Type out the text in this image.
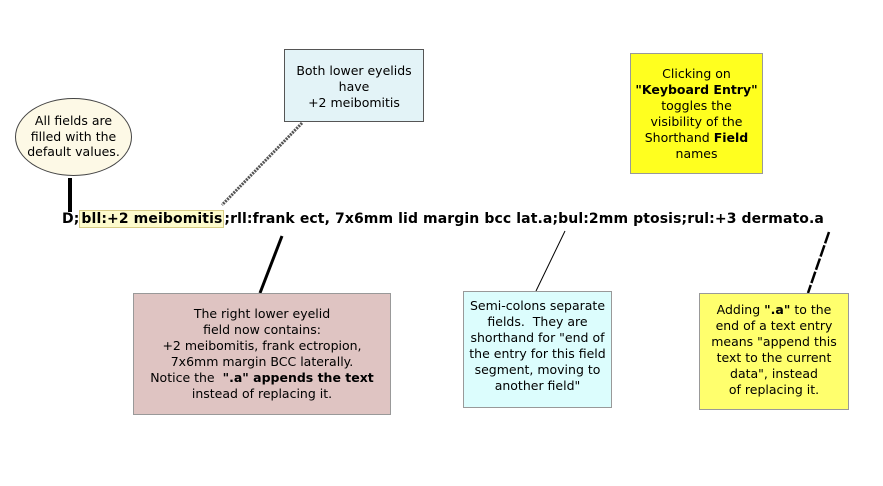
All fields are
filled with the
default values.
Both lower eyelids
have
+2 meibomitis
Clicking on
"Keyboard Entry"
toggles the
visibility of the
Shorthand Field
names
D; bll:+2 meibomitis ;rll:frank ect, 7x6mm lid margin bcc lat.a;bul:2mm ptosis;rul:+3 dermato.a
The right lower eyelid
field now contains:
+2 meibomitis, frank ectropion,
7x6mm margin BCC laterally.
Notice the  ".a" appends the text
instead of replacing it.
Semi-colons separate
fields.  They are
shorthand for "end of
the entry for this field
segment, moving to
another field"
Adding ".a" to the
end of a text entry
means "append this
text to the current
data", instead
of replacing it.
